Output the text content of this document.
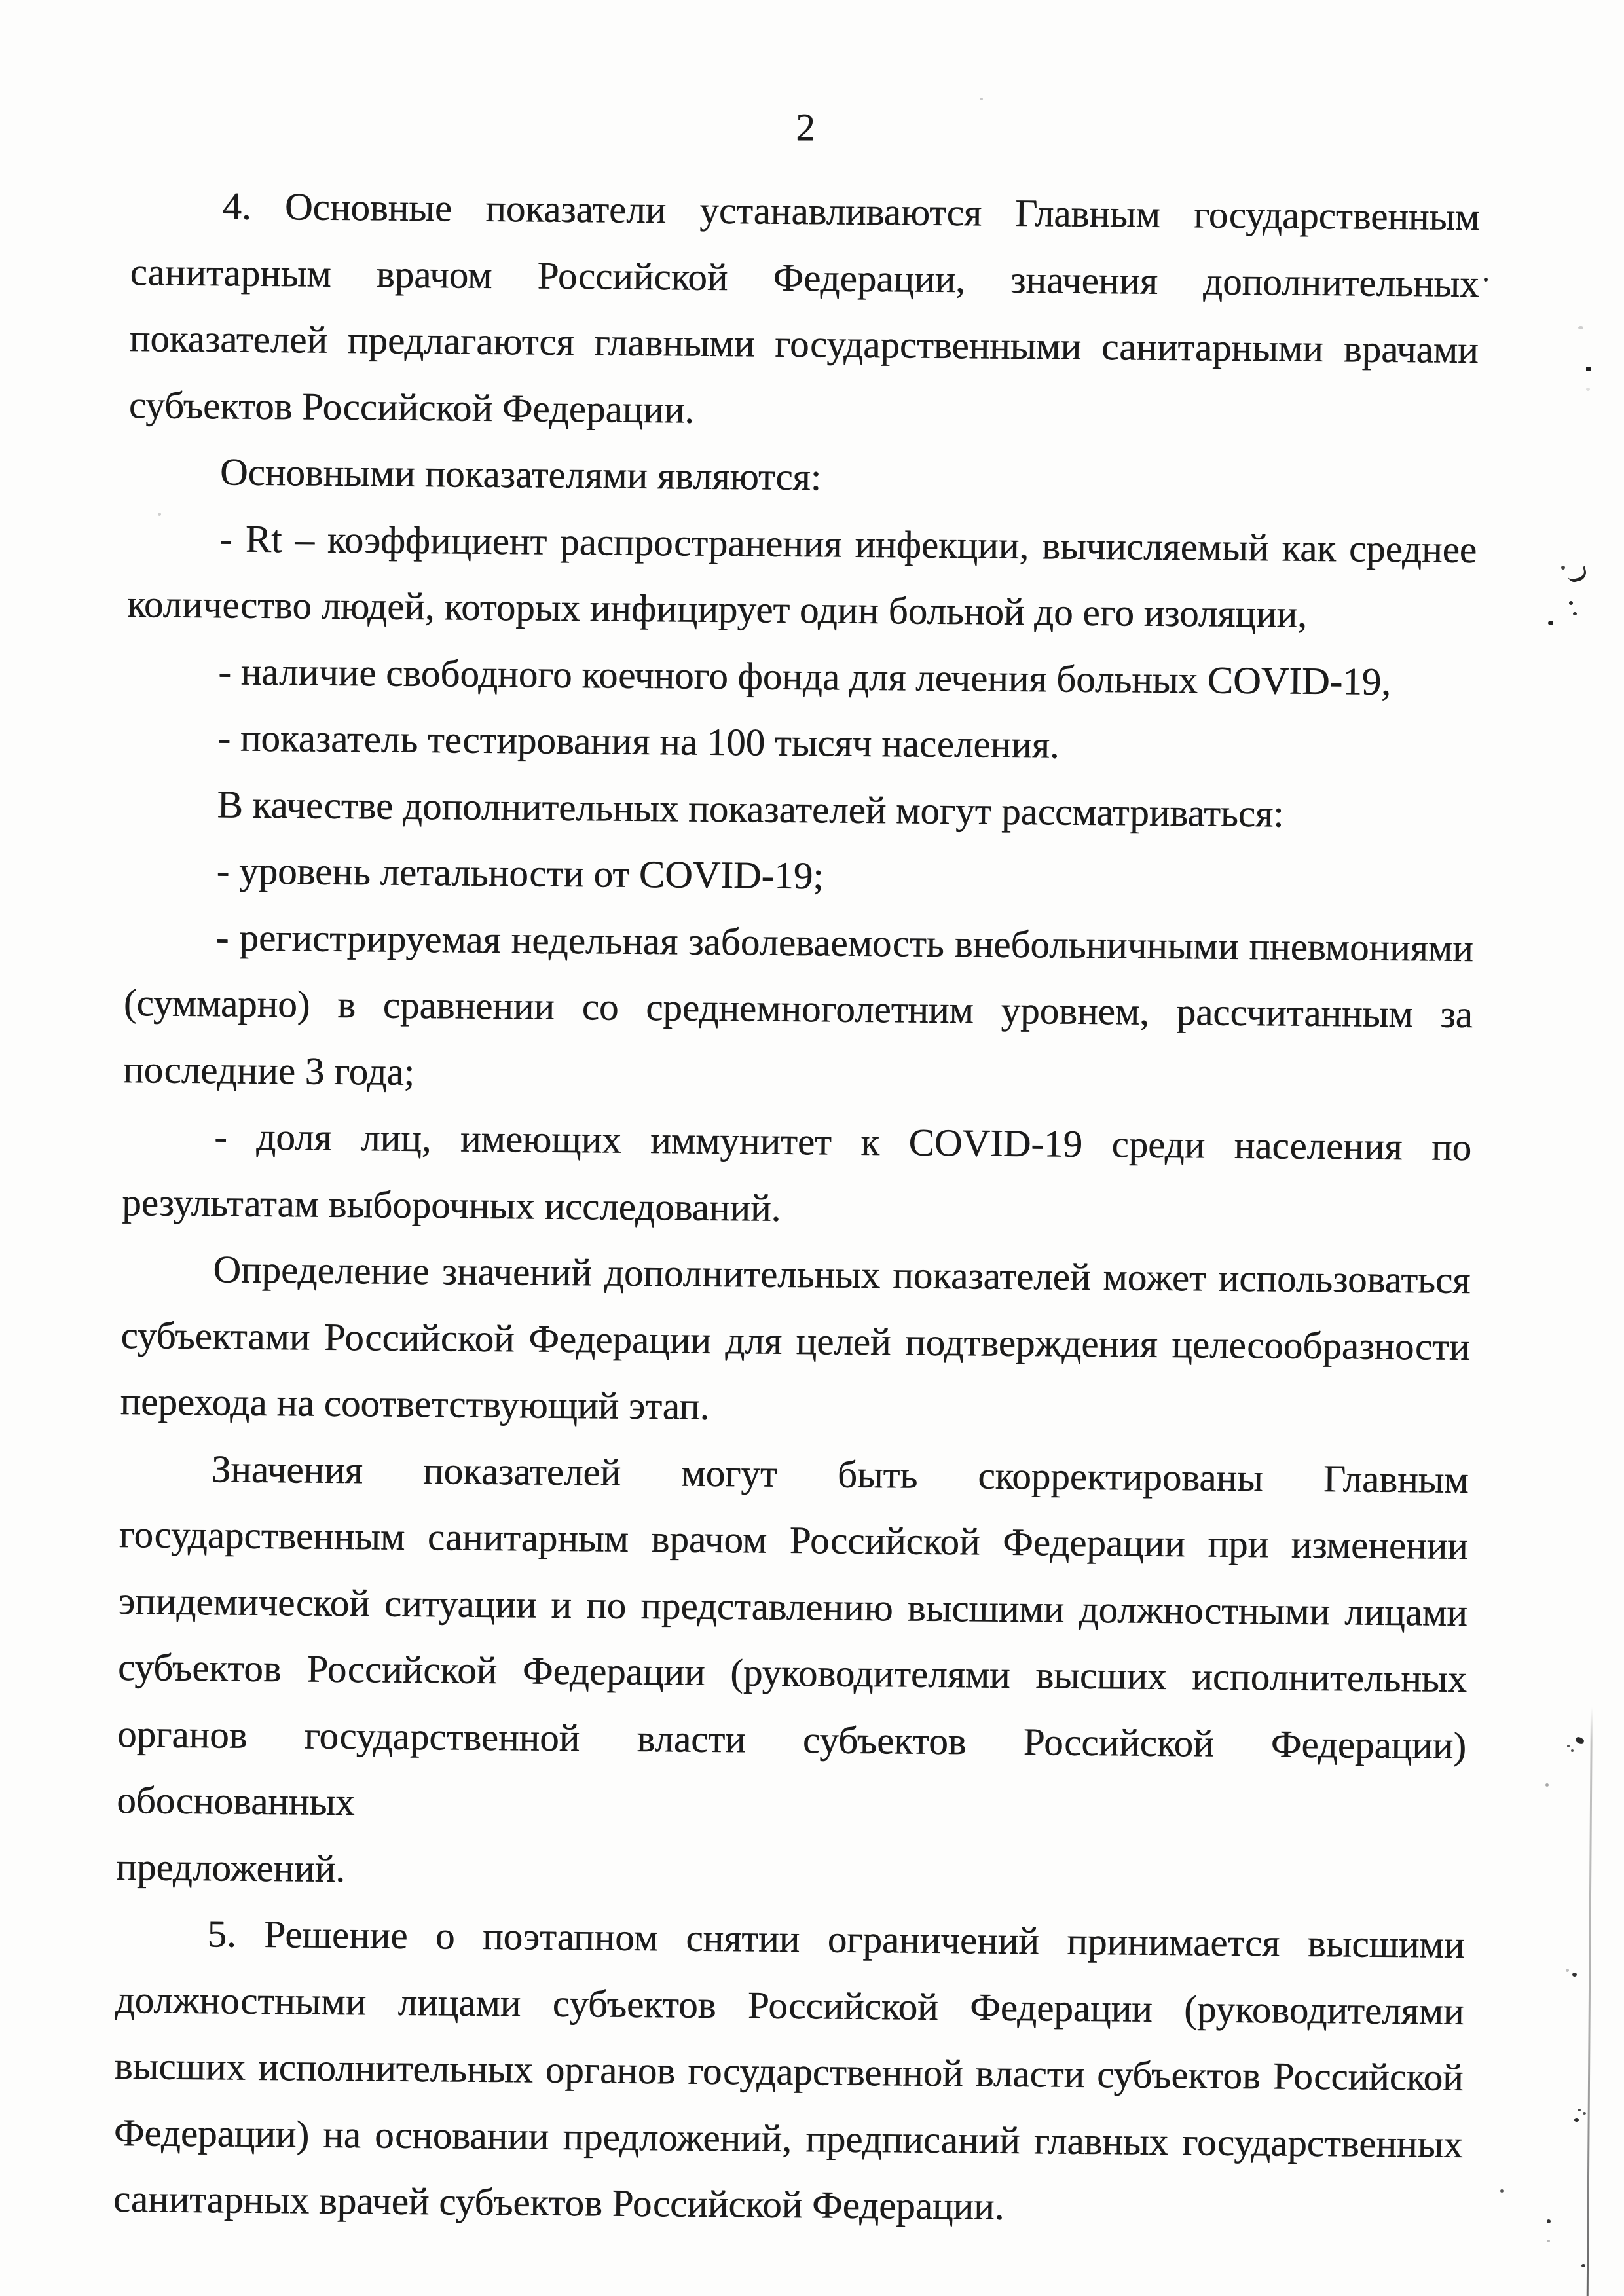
2
4. Основные показатели устанавливаются Главным государственным
санитарным врачом Российской Федерации, значения дополнительных
показателей предлагаются главными государственными санитарными врачами
субъектов Российской Федерации.
Основными показателями являются:
- Rt – коэффициент распространения инфекции, вычисляемый как среднее
количество людей, которых инфицирует один больной до его изоляции,
- наличие свободного коечного фонда для лечения больных COVID-19,
- показатель тестирования на 100 тысяч населения.
В качестве дополнительных показателей могут рассматриваться:
- уровень летальности от COVID-19;
- регистрируемая недельная заболеваемость внебольничными пневмониями
(суммарно) в сравнении со среднемноголетним уровнем, рассчитанным за
последние 3 года;
- доля лиц, имеющих иммунитет к COVID-19 среди населения по
результатам выборочных исследований.
Определение значений дополнительных показателей может использоваться
субъектами Российской Федерации для целей подтверждения целесообразности
перехода на соответствующий этап.
Значения показателей могут быть скорректированы Главным
государственным санитарным врачом Российской Федерации при изменении
эпидемической ситуации и по представлению высшими должностными лицами
субъектов Российской Федерации (руководителями высших исполнительных
органов государственной власти субъектов Российской Федерации) обоснованных
предложений.
5. Решение о поэтапном снятии ограничений принимается высшими
должностными лицами субъектов Российской Федерации (руководителями
высших исполнительных органов государственной власти субъектов Российской
Федерации) на основании предложений, предписаний главных государственных
санитарных врачей субъектов Российской Федерации.
